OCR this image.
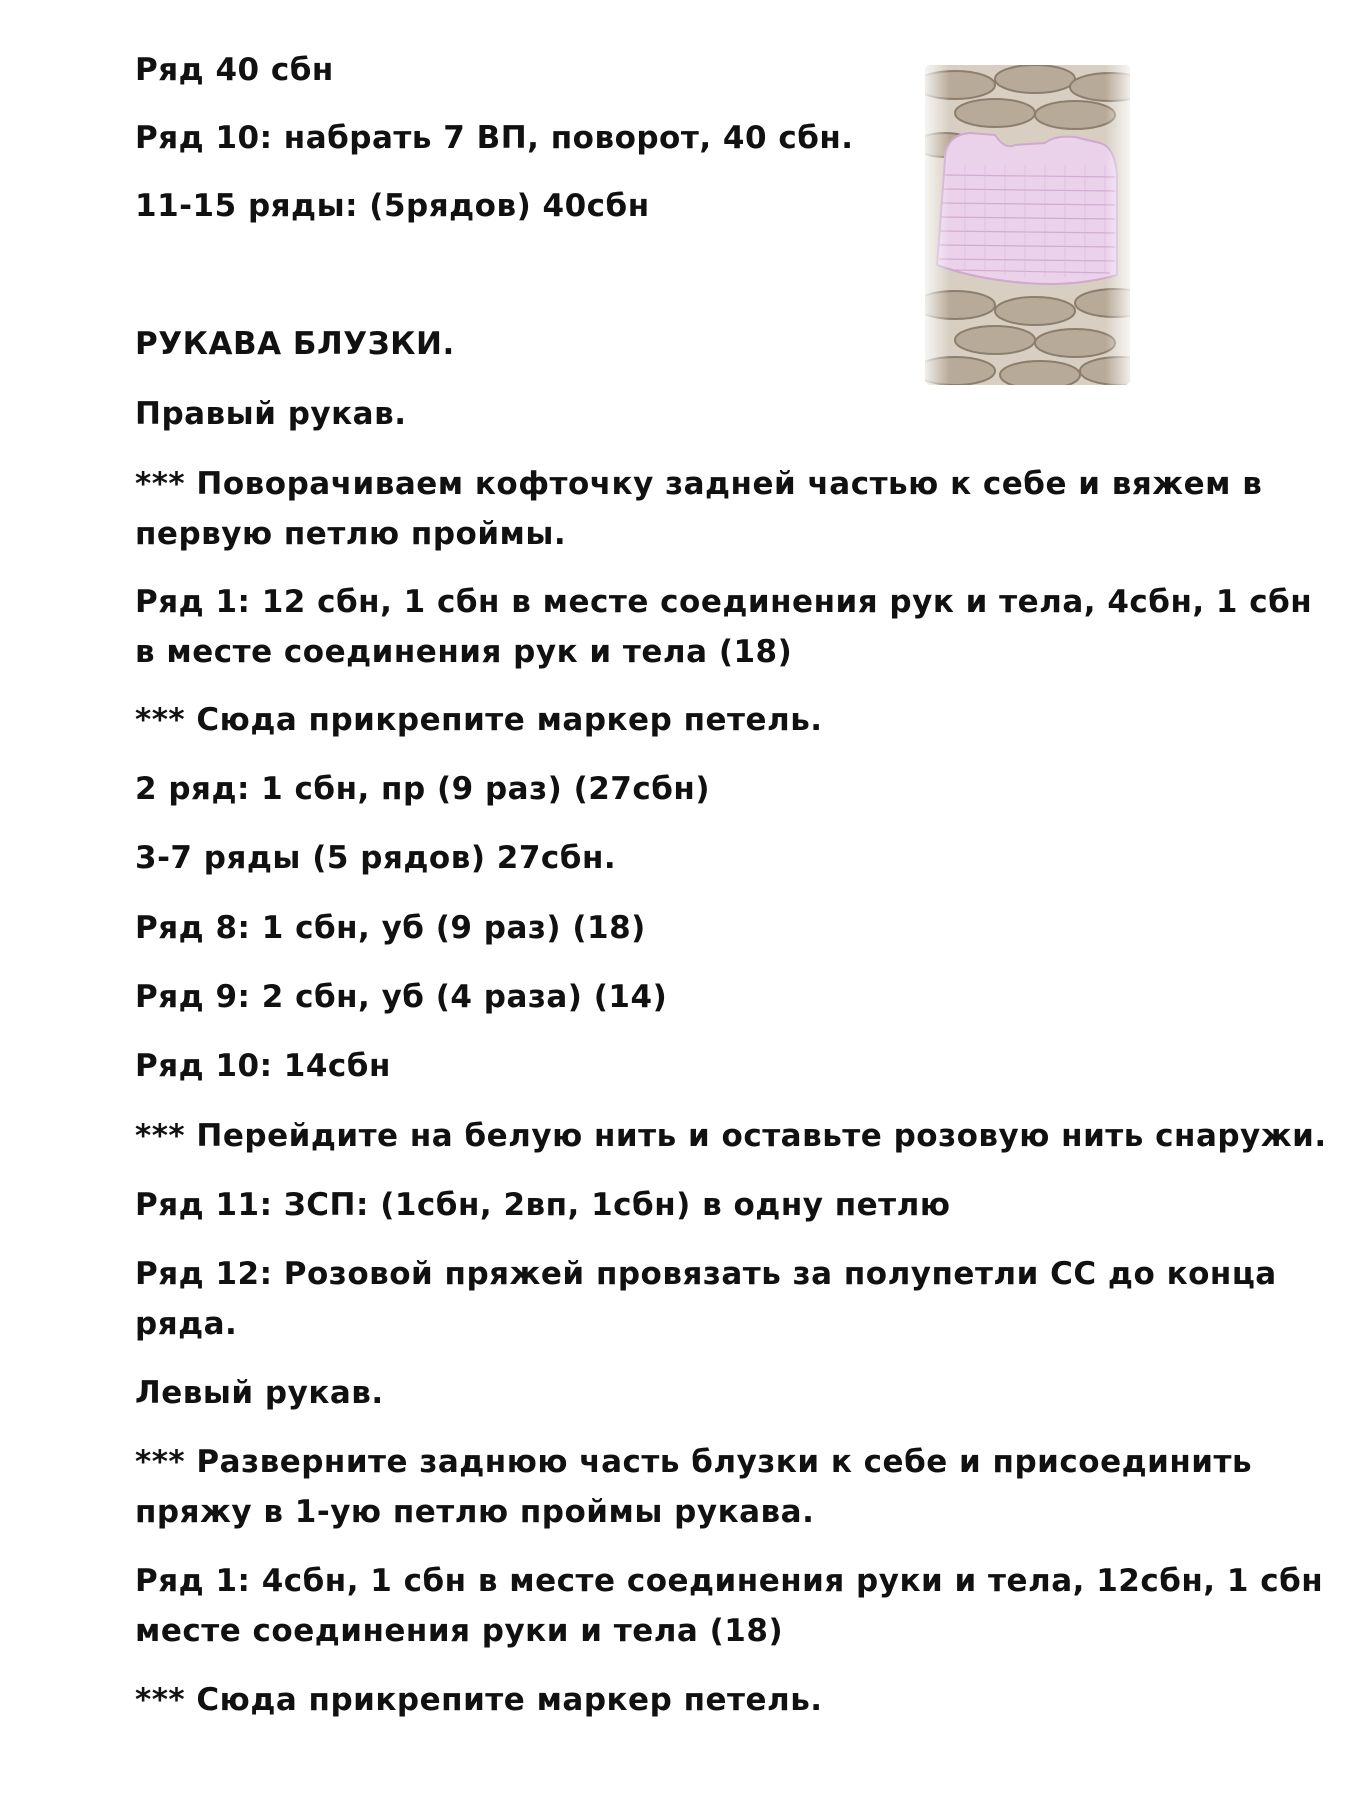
Ряд 40 сбн
Ряд 10: набрать 7 ВП, поворот, 40 сбн.
11-15 ряды: (5рядов) 40сбн
РУКАВА БЛУЗКИ.
Правый рукав.
*** Поворачиваем кофточку задней частью к себе и вяжем в
первую петлю проймы.
Ряд 1: 12 сбн, 1 сбн в месте соединения рук и тела, 4сбн, 1 сбн
в месте соединения рук и тела (18)
*** Сюда прикрепите маркер петель.
2 ряд: 1 сбн, пр (9 раз) (27сбн)
3-7 ряды (5 рядов) 27сбн.
Ряд 8: 1 сбн, уб (9 раз) (18)
Ряд 9: 2 сбн, уб (4 раза) (14)
Ряд 10: 14сбн
*** Перейдите на белую нить и оставьте розовую нить снаружи.
Ряд 11: ЗСП: (1сбн, 2вп, 1сбн) в одну петлю
Ряд 12: Розовой пряжей провязать за полупетли СС до конца
ряда.
Левый рукав.
*** Разверните заднюю часть блузки к себе и присоединить
пряжу в 1-ую петлю проймы рукава.
Ряд 1: 4сбн, 1 сбн в месте соединения руки и тела, 12сбн, 1 сбн
месте соединения руки и тела (18)
*** Сюда прикрепите маркер петель.
